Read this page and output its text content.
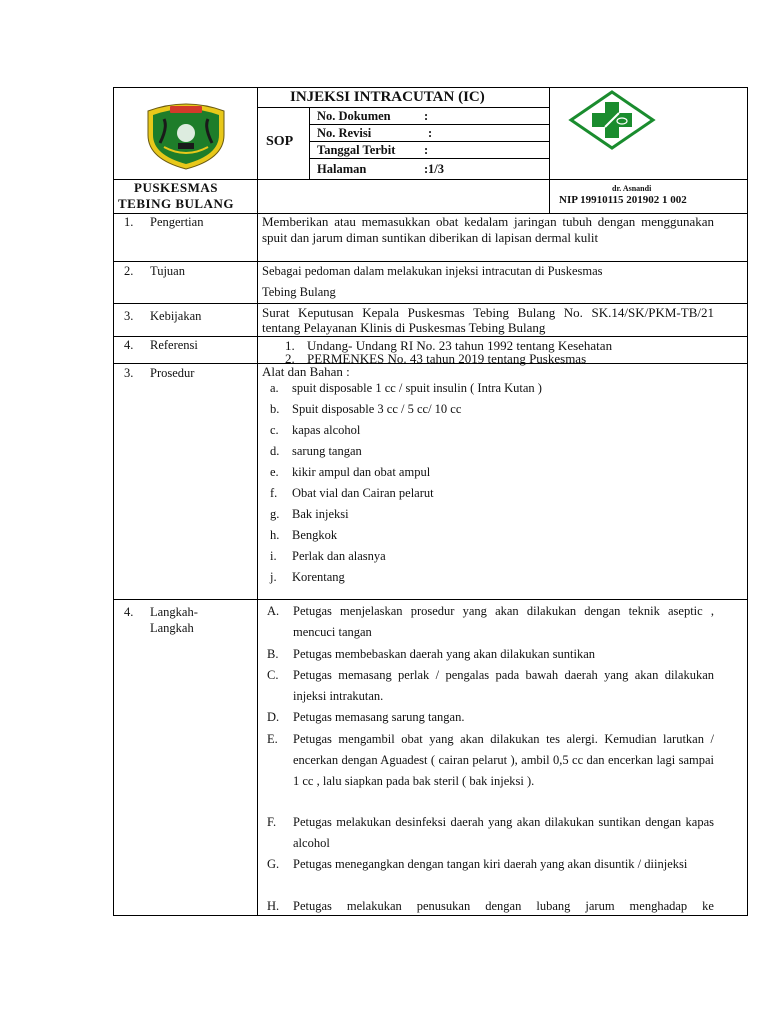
INJEKSI INTRACUTAN (IC)
SOP
No. Dokumen	:
No. Revisi	:
Tanggal Terbit :
Halaman	: 1/3
PUSKESMAS
TEBING BULANG
dr. Asnandi
NIP 19910115 201902 1 002
1. Pengertian	Memberikan atau memasukkan obat kedalam jaringan tubuh dengan menggunakan spuit dan jarum diman suntikan diberikan di lapisan dermal kulit
2. Tujuan	Sebagai pedoman dalam melakukan injeksi intracutan di Puskesmas
Tebing Bulang
3. Kebijakan	Surat Keputusan Kepala Puskesmas Tebing Bulang No. SK.14/SK/PKM-TB/21 tentang Pelayanan Klinis di Puskesmas Tebing Bulang
4. Referensi	1. Undang- Undang RI No. 23 tahun 1992 tentang Kesehatan
2. PERMENKES No. 43 tahun 2019 tentang Puskesmas
3. Prosedur	Alat dan Bahan :
a. spuit disposable 1 cc / spuit insulin ( Intra Kutan )
b. Spuit disposable 3 cc / 5 cc/ 10 cc
c. kapas alcohol
d. sarung tangan
e. kikir ampul dan obat ampul
f. Obat vial dan Cairan pelarut
g. Bak injeksi
h. Bengkok
i. Perlak dan alasnya
j. Korentang
4. Langkah-
Langkah
A. Petugas menjelaskan prosedur yang akan dilakukan dengan teknik aseptic , mencuci tangan
B. Petugas membebaskan daerah yang akan dilakukan suntikan
C. Petugas memasang perlak / pengalas pada bawah daerah yang akan dilakukan injeksi intrakutan.
D. Petugas memasang sarung tangan.
E. Petugas mengambil obat yang akan dilakukan tes alergi. Kemudian larutkan / encerkan dengan Aguadest ( cairan pelarut ), ambil 0,5 cc dan encerkan lagi sampai 1 cc , lalu siapkan pada bak steril ( bak injeksi ).
F. Petugas melakukan desinfeksi daerah yang akan dilakukan suntikan dengan kapas alcohol
G. Petugas menegangkan dengan tangan kiri daerah yang akan disuntik / diinjeksi
H. Petugas melakukan penusukan dengan lubang jarum menghadap ke
